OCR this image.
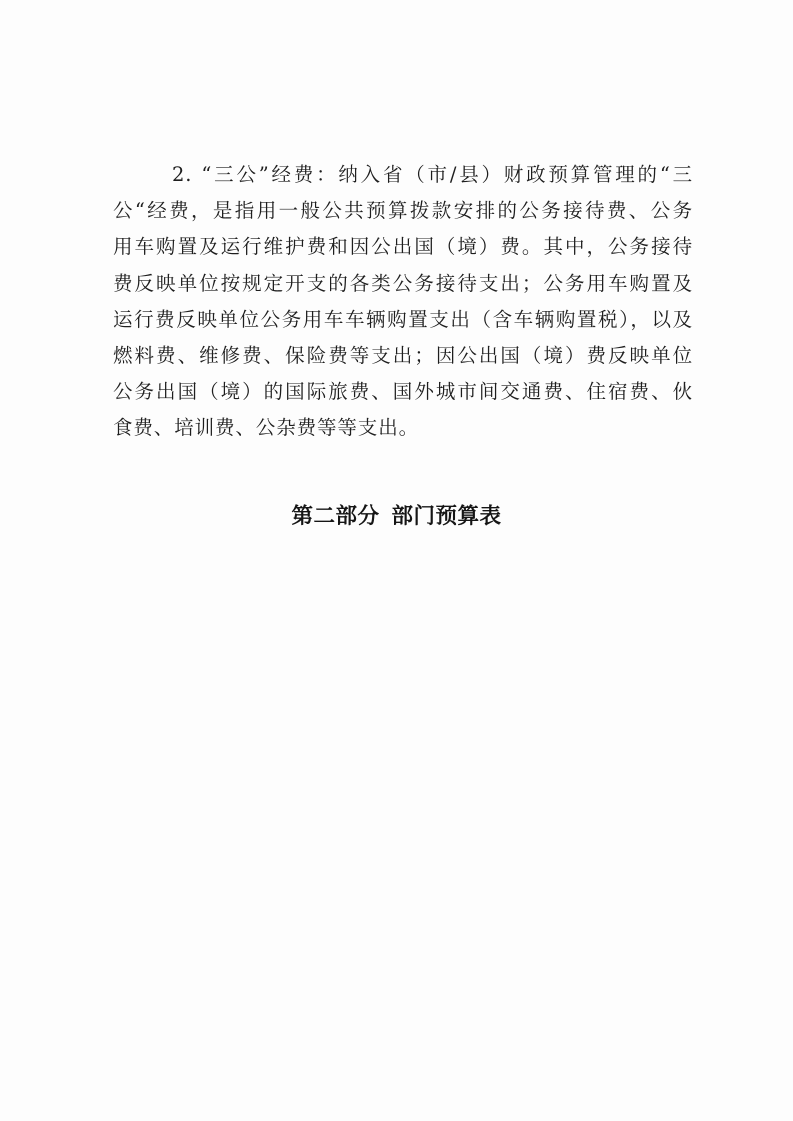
2. “三公”经费：纳入省（市/县）财政预算管理的“三
公“经费，是指用一般公共预算拨款安排的公务接待费、公务
用车购置及运行维护费和因公出国（境）费。其中，公务接待
费反映单位按规定开支的各类公务接待支出；公务用车购置及
运行费反映单位公务用车车辆购置支出（含车辆购置税），以及
燃料费、维修费、保险费等支出；因公出国（境）费反映单位
公务出国（境）的国际旅费、国外城市间交通费、住宿费、伙
食费、培训费、公杂费等等支出。
第二部分 部门预算表
